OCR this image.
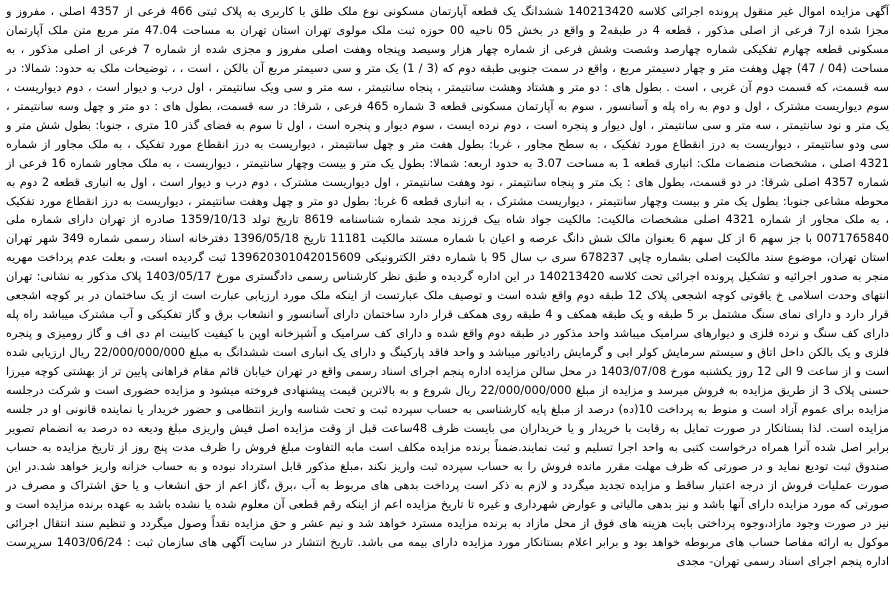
آگهی مزایده اموال غیر منقول پرونده اجرائی کلاسه 140213420 ششدانگ یک قطعه آپارتمان مسکونی نوع ملک طلق با کاربری به پلاک ثبتی 466 فرعی از 4357 اصلی ، مفروز و مجزا شده از7 فرعی از اصلی مذکور ، قطعه 4 در طبقه2 و واقع در بخش 05 ناحیه 00 حوزه ثبت ملک مولوی تهران استان تهران به مساحت 47.04 متر مربع متن ملک آپارتمان مسکونی قطعه چهارم تفکیکی شماره چهارصد وشصت وشش فرعی از شماره چهار هزار وسیصد وپنجاه وهفت اصلی مفروز و مجزی شده از شماره 7 فرعی از اصلی مذکور ، به مساحت (04 / 47) چهل وهفت متر و چهار دسیمتر مربع ، واقع در سمت جنوبی طبقه دوم که (3 / 1) یک متر و سی دسیمتر مربع آن بالکن ، است ، ، توضیحات ملک به حدود: شمالا: در سه قسمت، که قسمت دوم آن غربی ، است . بطول های : دو متر و هشتاد وهشت سانتیمتر ، پنجاه سانتیمتر ، سه متر و سی ویک سانتیمتر ، اول درب و دیوار است ، دوم دیواریست ، سوم دیواریست مشترک ، اول و دوم به راه پله و آسانسور ، سوم به آپارتمان مسکونی قطعه 3 شماره 465 فرعی ، شرقا: در سه قسمت، بطول های : دو متر و چهل وسه سانتیمتر ، یک متر و نود سانتیمتر ، سه متر و سی سانتیمتر ، اول دیوار و پنجره است ، دوم نرده ایست ، سوم دیوار و پنجره است ، اول تا سوم به فضای گذر 10 متری ، جنوبا: بطول شش متر و سی ودو سانتیمتر ، دیواریست به درز انقطاع مورد تفکیک ، به سطح مجاور ، غربا: بطول هفت متر و چهل سانتیمتر ، دیواریست به درز انقطاع مورد تفکیک ، به ملک مجاور از شماره 4321 اصلی ، مشخصات منضمات ملک: انباری قطعه 1 به مساحت 3.07 به حدود اربعه: شمالا: بطول یک متر و بیست وچهار سانتیمتر ، دیواریست ، به ملک مجاور شماره 16 فرعی از شماره 4357 اصلی شرقا: در دو قسمت، بطول های : یک متر و پنجاه سانتیمتر ، نود وهفت سانتیمتر ، اول دیواریست مشترک ، دوم درب و دیوار است ، اول به انباری قطعه 2 دوم به محوطه مشاعی جنوبا: بطول یک متر و بیست وچهار سانتیمتر ، دیواریست مشترک ، به انباری قطعه 6 غربا: بطول دو متر و چهل وهفت سانتیمتر ، دیواریست به درز انقطاع مورد تفکیک ، به ملک مجاور از شماره 4321 اصلی مشخصات مالکیت: مالکیت جواد شاه بیک فرزند مجد شماره شناسنامه 8619 تاریخ تولد 1359/10/13 صادره از تهران دارای شماره ملی 0071765840 با جز سهم 6 از کل سهم 6 بعنوان مالک شش دانگ عرصه و اعیان با شماره مستند مالکیت 11181 تاریخ 1396/05/18 دفترخانه اسناد رسمی شماره 349 شهر تهران استان تهران، موضوع سند مالکیت اصلی بشماره چاپی 678237 سری ب سال 95 با شماره دفتر الکترونیکی 139620301042015609 ثبت گردیده است، و بعلت عدم پرداخت مهریه منجر به صدور اجرائیه و تشکیل پرونده اجرائی تحت کلاسه 140213420 در این اداره گردیده و طبق نظر کارشناس رسمی دادگستری مورخ 1403/05/17 پلاک مذکور به نشانی: تهران انتهای وحدت اسلامی خ یاقوتی کوچه اشجعی پلاک 12 طبقه دوم واقع شده است و توصیف ملک عبارتست از اینکه ملک مورد ارزیابی عبارت است از یک ساختمان در بر کوچه اشجعی قرار دارد و دارای نمای سنگ مشتمل بر 5 طبقه و یک طبقه همکف و 4 طبقه روی همکف قرار دارد ساختمان دارای آسانسور و انشعاب برق و گاز تفکیکی و آب مشترک میباشد راه پله دارای کف سنگ و نرده فلزی و دیوارهای سرامیک میباشد واحد مذکور در طبقه دوم واقع شده و دارای کف سرامیک و آشپزخانه اوپن با کیفیت کابینت ام دی اف و گاز رومیزی و پنجره فلزی و یک بالکن داخل اتاق و سیستم سرمایش کولر ابی و گرمایش رادیاتور میباشد و واحد فاقد پارکینگ و دارای یک انباری است ششدانگ به مبلغ 22/000/000/000 ریال ارزیابی شده است و از ساعت 9 الی 12 روز یکشنبه مورخ 1403/07/08 در محل سالن مزایده اداره پنجم اجرای اسناد رسمی واقع در تهران خیابان قائم مقام فراهانی پایین تر از بهشتی کوچه میرزا حسنی پلاک 3 از طریق مزایده به فروش میرسد و مزایده از مبلغ 22/000/000/000 ریال شروع و به بالاترین قیمت پیشنهادی فروخته میشود و مزایده حضوری است و شرکت درجلسه مزایده برای عموم آزاد است و منوط به پرداخت 10(ده) درصد از مبلغ پایه کارشناسی به حساب سپرده ثبت و تحت شناسه واریز انتظامی و حضور خریدار یا نماینده قانونی او در جلسه مزایده است. لذا بستانکار در صورت تمایل به رقابت با خریدار و یا خریداران می بایست ظرف 48ساعت قبل از وقت مزایده اصل فیش واریزی مبلغ ودیعه ده درصد به انضمام تصویر برابر اصل شده آنرا همراه درخواست کتبی به واحد اجرا تسلیم و ثبت نمایند.ضمناً برنده مزایده مکلف است مابه التفاوت مبلغ فروش را ظرف مدت پنج روز از تاریخ مزایده به حساب صندوق ثبت تودیع نماید و در صورتی که ظرف مهلت مقرر مانده فروش را به حساب سپرده ثبت واریز نکند ،مبلغ مذکور قابل استرداد نبوده و به حساب خزانه واریز خواهد شد.در این صورت عملیات فروش از درجه اعتبار ساقط و مزایده تجدید میگردد و لازم به ذکر است پرداخت بدهی های مربوط به آب ،برق ،گاز اعم از حق انشعاب و یا حق اشتراک و مصرف در صورتی که مورد مزایده دارای آنها باشد و نیز بدهی مالیاتی و عوارض شهرداری و غیره تا تاریخ مزایده اعم از اینکه رقم قطعی آن معلوم شده یا نشده باشد به عهده برنده مزایده است و نیز در صورت وجود مازاد،وجوه پرداختی بابت هزینه های فوق از محل مازاد به برنده مزایده مسترد خواهد شد و نیم عشر و حق مزایده نقداً وصول میگردد و تنظیم سند انتقال اجرائی موکول به ارائه مفاصا حساب های مربوطه خواهد بود و برابر اعلام بستانکار مورد مزایده دارای بیمه می باشد. تاریخ انتشار در سایت آگهی های سازمان ثبت : 1403/06/24 سرپرست اداره پنجم اجرای اسناد رسمی تهران- مجدی
